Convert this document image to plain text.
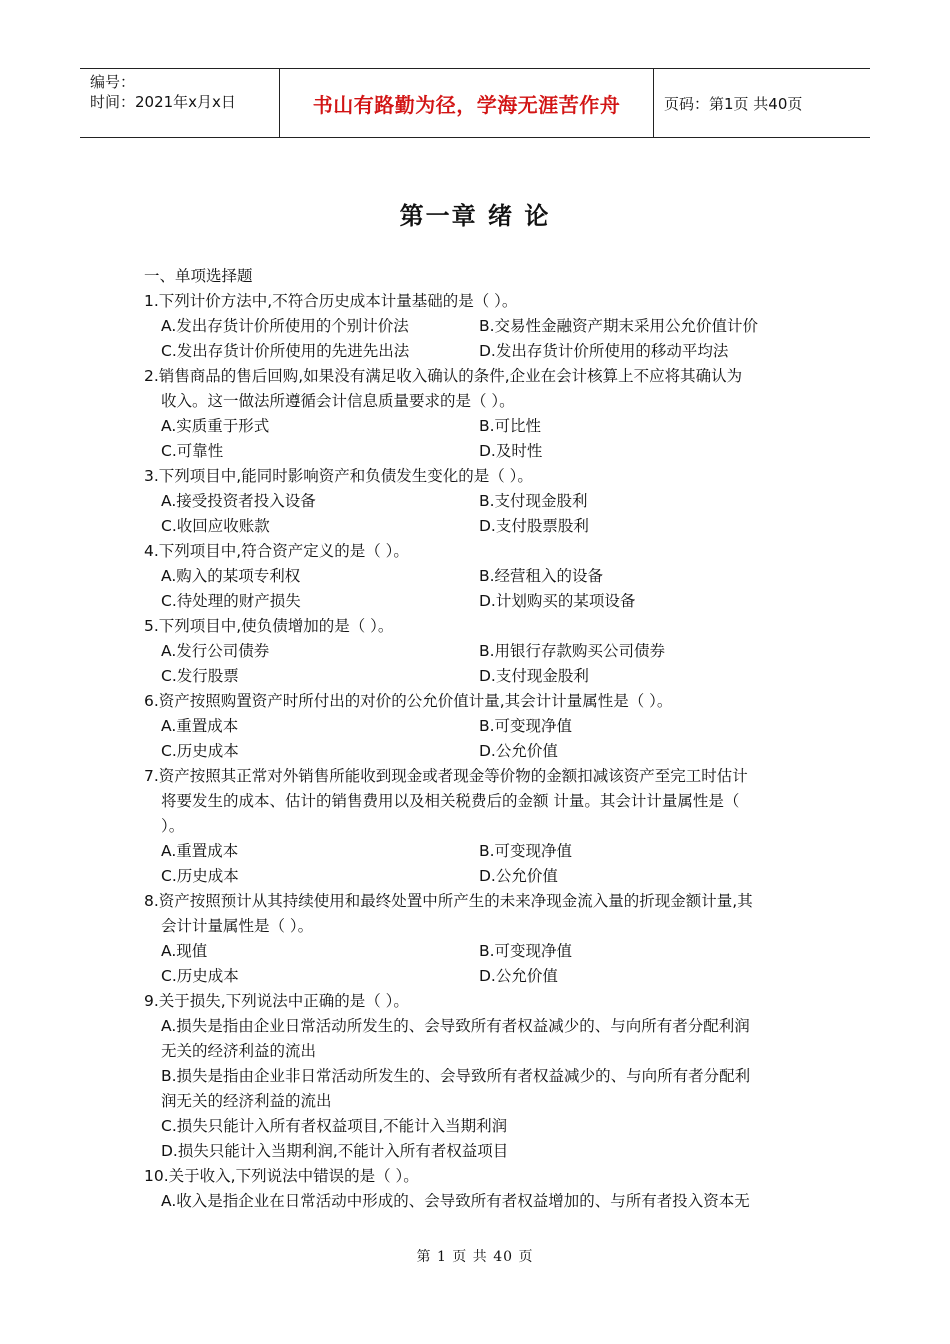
编号：
时间：2021年x月x日	书山有路勤为径，学海无涯苦作舟	页码：第1页 共40页
第一章 绪 论
一、单项选择题
1.下列计价方法中,不符合历史成本计量基础的是（ ）。
A.发出存货计价所使用的个别计价法	B.交易性金融资产期末采用公允价值计价
C.发出存货计价所使用的先进先出法	D.发出存货计价所使用的移动平均法
2.销售商品的售后回购,如果没有满足收入确认的条件,企业在会计核算上不应将其确认为
收入。这一做法所遵循会计信息质量要求的是（ ）。
A.实质重于形式	B.可比性
C.可靠性	D.及时性
3.下列项目中,能同时影响资产和负债发生变化的是（ ）。
A.接受投资者投入设备	B.支付现金股利
C.收回应收账款	D.支付股票股利
4.下列项目中,符合资产定义的是（ ）。
A.购入的某项专利权	B.经营租入的设备
C.待处理的财产损失	D.计划购买的某项设备
5.下列项目中,使负债增加的是（ ）。
A.发行公司债券	B.用银行存款购买公司债券
C.发行股票	D.支付现金股利
6.资产按照购置资产时所付出的对价的公允价值计量,其会计计量属性是（ ）。
A.重置成本	B.可变现净值
C.历史成本	D.公允价值
7.资产按照其正常对外销售所能收到现金或者现金等价物的金额扣减该资产至完工时估计
将要发生的成本、估计的销售费用以及相关税费后的金额 计量。其会计计量属性是（
）。
A.重置成本	B.可变现净值
C.历史成本	D.公允价值
8.资产按照预计从其持续使用和最终处置中所产生的未来净现金流入量的折现金额计量,其
会计计量属性是（ ）。
A.现值	B.可变现净值
C.历史成本	D.公允价值
9.关于损失,下列说法中正确的是（ ）。
A.损失是指由企业日常活动所发生的、会导致所有者权益减少的、与向所有者分配利润
无关的经济利益的流出
B.损失是指由企业非日常活动所发生的、会导致所有者权益减少的、与向所有者分配利
润无关的经济利益的流出
C.损失只能计入所有者权益项目,不能计入当期利润
D.损失只能计入当期利润,不能计入所有者权益项目
10.关于收入,下列说法中错误的是（ ）。
A.收入是指企业在日常活动中形成的、会导致所有者权益增加的、与所有者投入资本无
第 1 页 共 40 页
